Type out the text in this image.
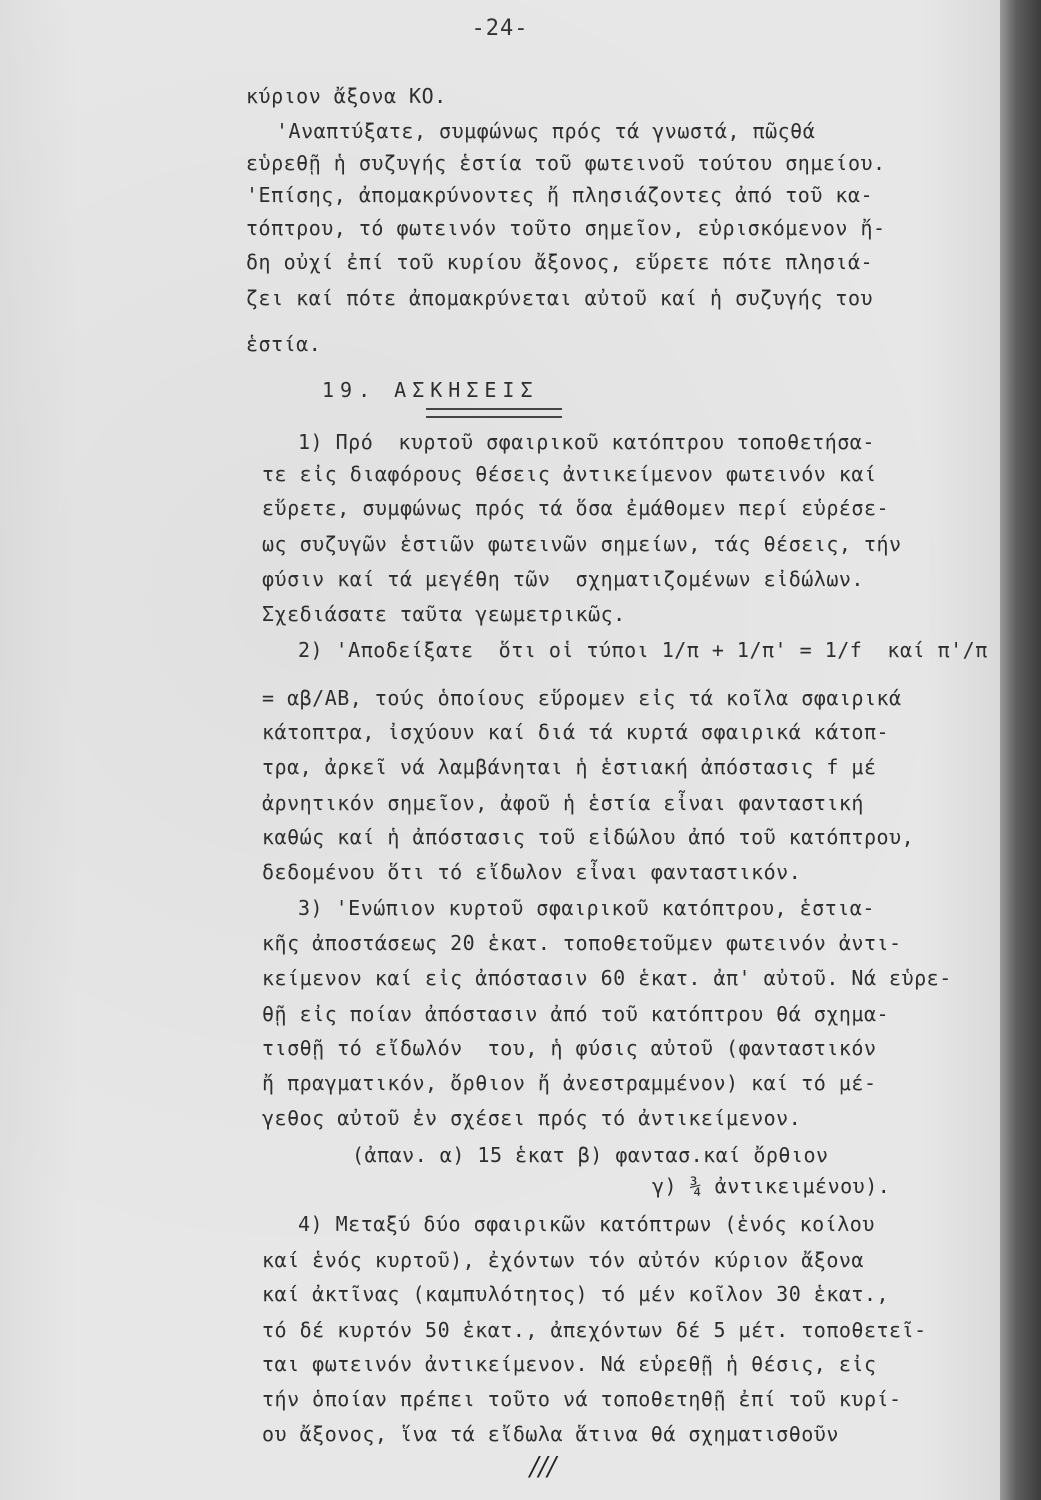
-24-
κύριον ἄξονα ΚΟ.
'Αναπτύξατε, συμφώνως πρός τά γνωστά, πῶςθά
εὑρεθῇ ἡ συζυγής ἑστία τοῦ φωτεινοῦ τούτου σημείου.
'Επίσης, ἀπομακρύνοντες ἤ πλησιάζοντες ἀπό τοῦ κα-
τόπτρου, τό φωτεινόν τοῦτο σημεῖον, εὑρισκόμενον ἤ-
δη οὐχί ἐπί τοῦ κυρίου ἄξονος, εὕρετε πότε πλησιά-
ζει καί πότε ἀπομακρύνεται αὐτοῦ καί ἡ συζυγής του
ἑστία.
19. ΑΣΚΗΣΕΙΣ
1) Πρό  κυρτοῦ σφαιρικοῦ κατόπτρου τοποθετήσα-
τε εἰς διαφόρους θέσεις ἀντικείμενον φωτεινόν καί
εὕρετε, συμφώνως πρός τά ὅσα ἐμάθομεν περί εὑρέσε-
ως συζυγῶν ἑστιῶν φωτεινῶν σημείων, τάς θέσεις, τήν
φύσιν καί τά μεγέθη τῶν  σχηματιζομένων εἰδώλων.
Σχεδιάσατε ταῦτα γεωμετρικῶς.
2) 'Αποδείξατε  ὅτι οἱ τύποι 1/π + 1/π' = 1/f  καί π'/π
= αβ/ΑΒ, τούς ὁποίους εὕρομεν εἰς τά κοῖλα σφαιρικά
κάτοπτρα, ἰσχύουν καί διά τά κυρτά σφαιρικά κάτοπ-
τρα, ἀρκεῖ νά λαμβάνηται ἡ ἑστιακή ἀπόστασις f μέ
ἀρνητικόν σημεῖον, ἀφοῦ ἡ ἑστία εἶναι φανταστική
καθώς καί ἡ ἀπόστασις τοῦ εἰδώλου ἀπό τοῦ κατόπτρου,
δεδομένου ὅτι τό εἴδωλον εἶναι φανταστικόν.
3) 'Ενώπιον κυρτοῦ σφαιρικοῦ κατόπτρου, ἑστια-
κῆς ἀποστάσεως 20 ἑκατ. τοποθετοῦμεν φωτεινόν ἀντι-
κείμενον καί εἰς ἀπόστασιν 60 ἑκατ. ἀπ' αὐτοῦ. Νά εὑρε-
θῇ εἰς ποίαν ἀπόστασιν ἀπό τοῦ κατόπτρου θά σχημα-
τισθῇ τό εἴδωλόν  του, ἡ φύσις αὐτοῦ (φανταστικόν
ἤ πραγματικόν, ὄρθιον ἤ ἀνεστραμμένον) καί τό μέ-
γεθος αὐτοῦ ἐν σχέσει πρός τό ἀντικείμενον.
(ἀπαν. α) 15 ἑκατ β) φαντασ.καί ὄρθιον
γ) ¾ ἀντικειμένου).
4) Μεταξύ δύο σφαιρικῶν κατόπτρων (ἑνός κοίλου
καί ἑνός κυρτοῦ), ἐχόντων τόν αὐτόν κύριον ἄξονα
καί ἀκτῖνας (καμπυλότητος) τό μέν κοῖλον 30 ἑκατ.,
τό δέ κυρτόν 50 ἑκατ., ἀπεχόντων δέ 5 μέτ. τοποθετεῖ-
ται φωτεινόν ἀντικείμενον. Νά εὑρεθῇ ἡ θέσις, εἰς
τήν ὁποίαν πρέπει τοῦτο νά τοποθετηθῇ ἐπί τοῦ κυρί-
ου ἄξονος, ἵνα τά εἴδωλα ἅτινα θά σχηματισθοῦν
///
